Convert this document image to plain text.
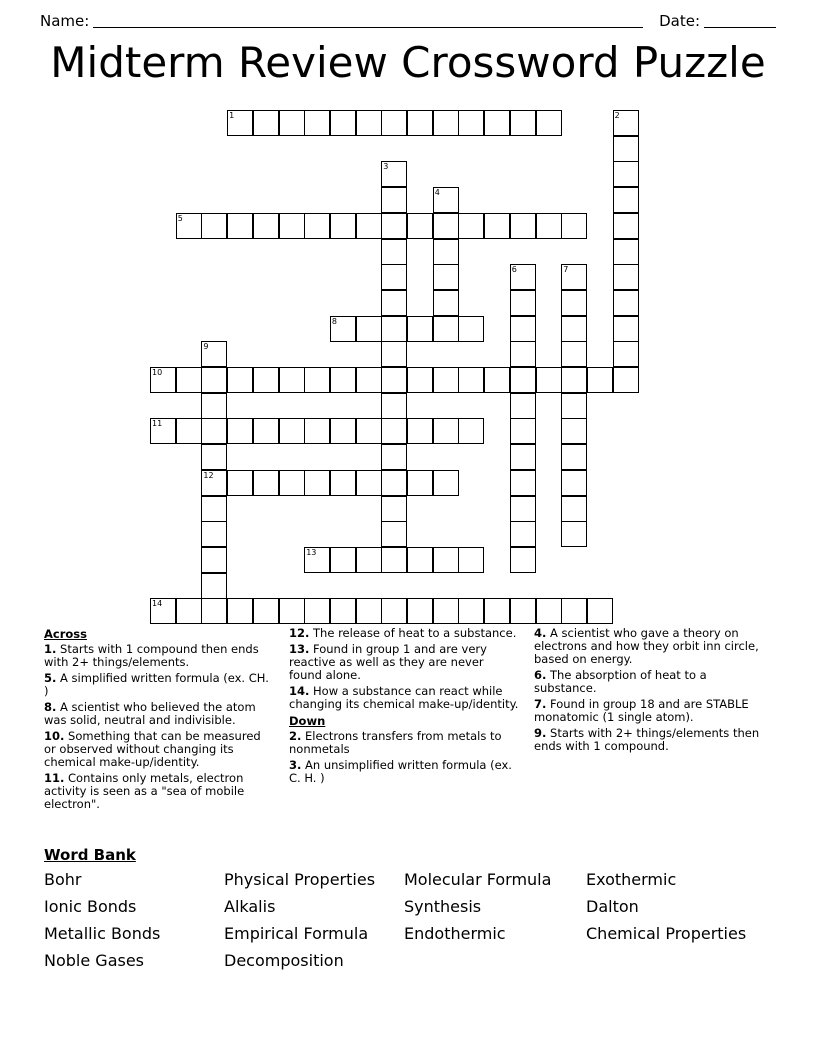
Name:	Date:
Midterm Review Crossword Puzzle
1	2
3
4
5
6	7
8
9
12
10
11
13
14
Across
1. Starts with 1 compound then ends with 2+ things/elements.
5. A simplified written formula (ex. CH. )
8. A scientist who believed the atom was solid, neutral and indivisible.
10. Something that can be measured or observed without changing its chemical make-up/identity.
11. Contains only metals, electron activity is seen as a "sea of mobile electron".
12. The release of heat to a substance.
13. Found in group 1 and are very reactive as well as they are never found alone.
14. How a substance can react while changing its chemical make-up/identity.
Down
2. Electrons transfers from metals to nonmetals
3. An unsimplified written formula (ex. C. H. )
4. A scientist who gave a theory on electrons and how they orbit inn circle, based on energy.
6. The absorption of heat to a substance.
7. Found in group 18 and are STABLE monatomic (1 single atom).
9. Starts with 2+ things/elements then ends with 1 compound.
Word Bank
Bohr	Physical Properties	Molecular Formula	Exothermic
Ionic Bonds	Alkalis	Synthesis	Dalton
Metallic Bonds	Empirical Formula	Endothermic	Chemical Properties
Noble Gases	Decomposition
